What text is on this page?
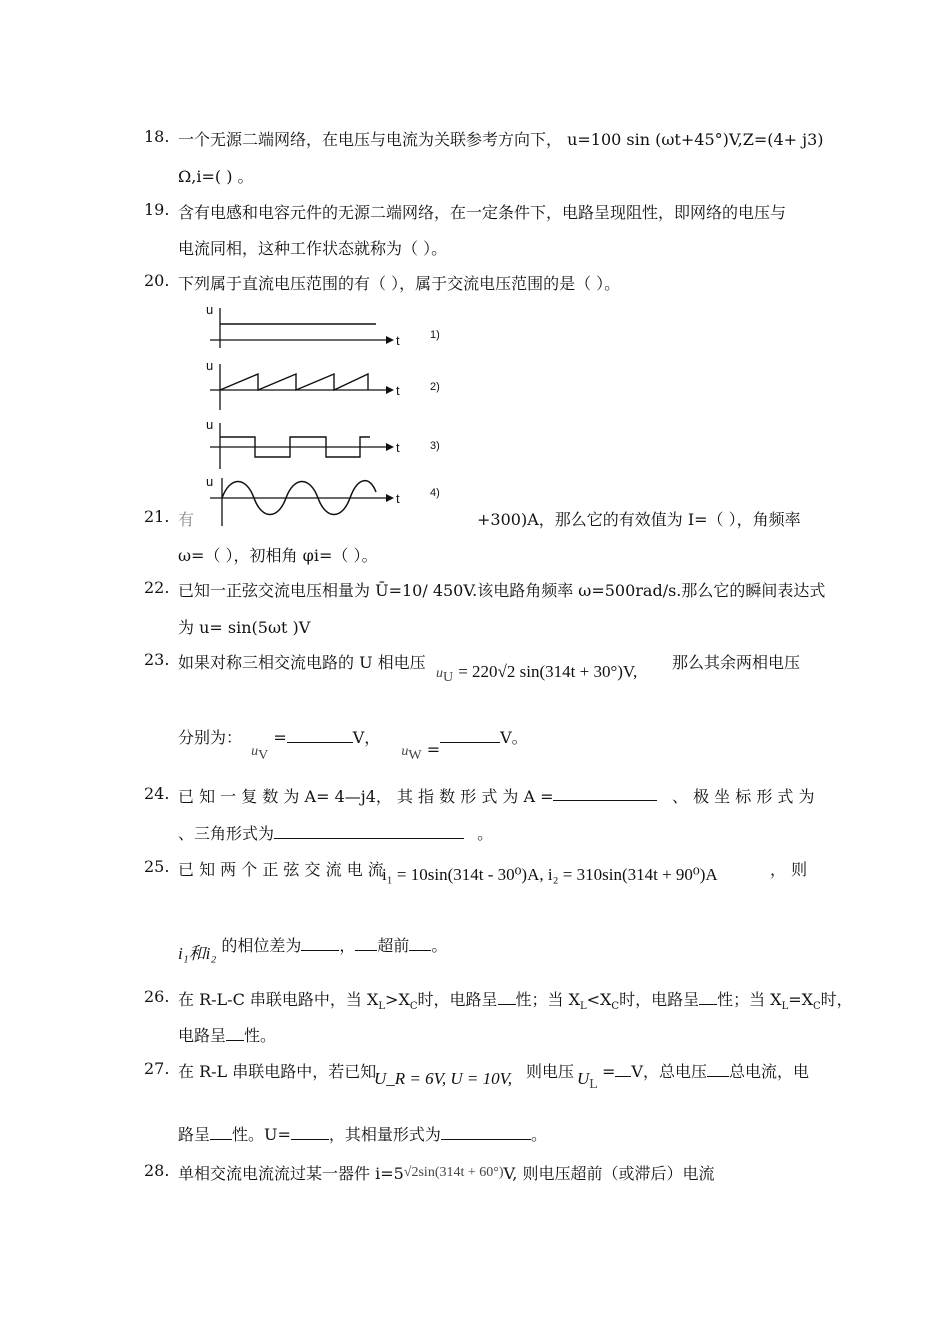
18. 一个无源二端网络，在电压与电流为关联参考方向下， u=100 sin (ωt+45°)V,Z=(4+ j3)
Ω,i=( ) 。
19. 含有电感和电容元件的无源二端网络，在一定条件下，电路呈现阻性，即网络的电压与
电流同相，这种工作状态就称为（ ）。
20. 下列属于直流电压范围的有（ ），属于交流电压范围的是（ ）。
u
t	1)
u
t	2)
u
t	3)
u
t	4)
21. 有	+300)A，那么它的有效值为 I=（ ），角频率
ω=（ ），初相角 φi=（ ）。
22. 已知一正弦交流电压相量为 Ū=10/ 450V.该电路角频率 ω=500rad/s.那么它的瞬间表达式
为 u= sin(5ωt )V
23. 如果对称三相交流电路的 U 相电压
$u_U = 220√2$ sin(314t + 30°)V, 那么其余两相电压
分别为： $u_V$ =	V， $u_W =V$。
24. 已 知 一 复 数 为 A= 4—j4， 其 指 数 形 式 为 A =	、 极 坐 标 形 式 为
、三角形式为	。
25. 已 知 两 个 正 弦 交 流 电 流
i₁ = 10sin(314t - 30⁰)A, i₂ = 310sin(314t + 90⁰)A	， 则
i₁和i₂ 的相位差为 ， 超前 。
26. 在 R-L-C 串联电路中，当 $X_L>X_C$时，电路呈 性；当 $X_L<X_C$时，电路呈 性；当 $X_L=X_C$时，
电路呈 性。
27. 在 R-L 串联电路中，若已知
U_R = 6V, U = 10V, 则电压 $U_L$
= V，总电压 总电流，电
路呈 性。U= ，其相量形式为	。
28. 单相交流电流流过某一器件 i=5√2sin(314t + 60°)V, 则电压超前（或滞后）电流
